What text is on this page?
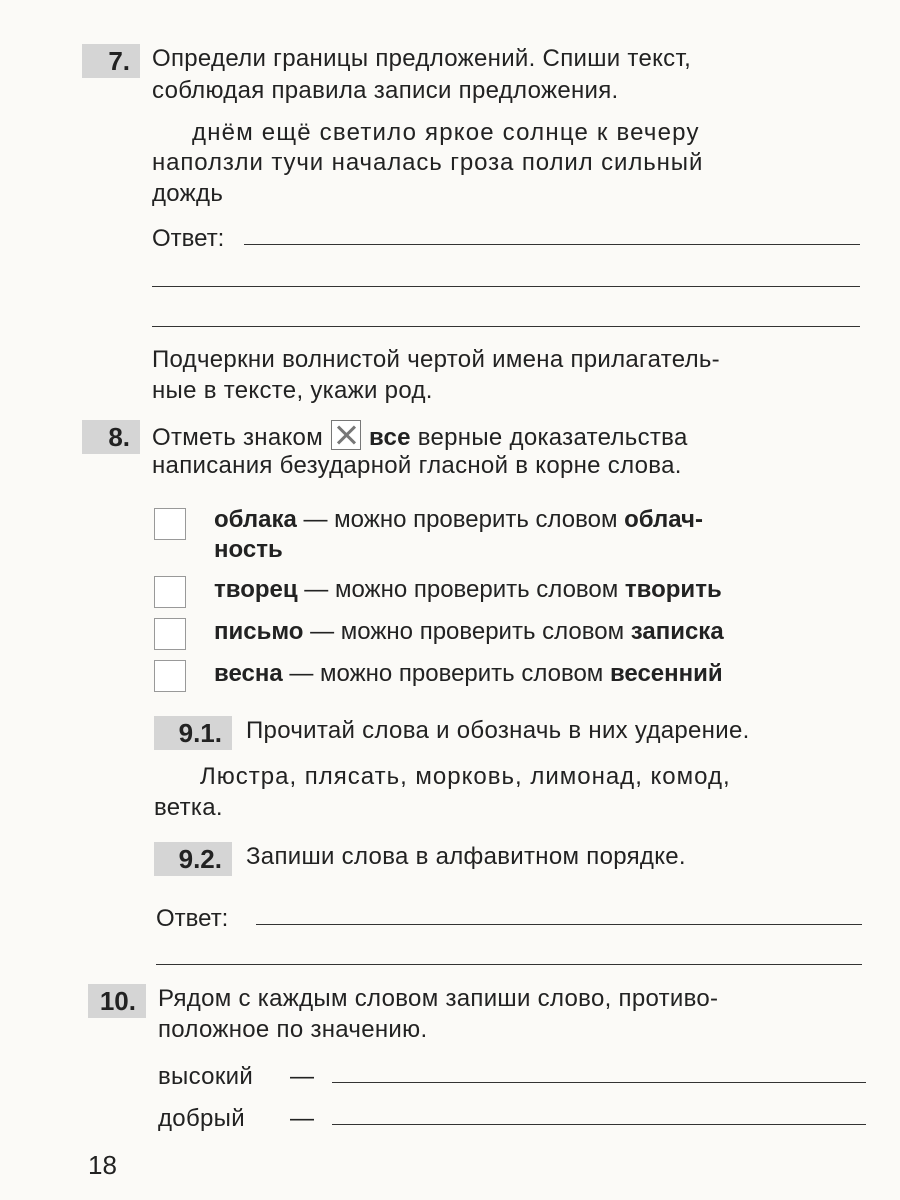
7. Определи границы предложений. Спиши текст,
соблюдая правила записи предложения.
днём ещё светило яркое солнце к вечеру
наползли тучи началась гроза полил сильный
дождь
Ответ:
Подчеркни волнистой чертой имена прилагатель-
ные в тексте, укажи род.
8. Отметь знаком все верные доказательства
написания безударной гласной в корне слова.
облака — можно проверить словом облач-
ность
творец — можно проверить словом творить
письмо — можно проверить словом записка
весна — можно проверить словом весенний
9.1.	Прочитай слова и обозначь в них ударение.
Люстра, плясать, морковь, лимонад, комод,
ветка.
9.2.	Запиши слова в алфавитном порядке.
Ответ:
10. Рядом с каждым словом запиши слово, противо-
положное по значению.
высокий —
добрый —
18
